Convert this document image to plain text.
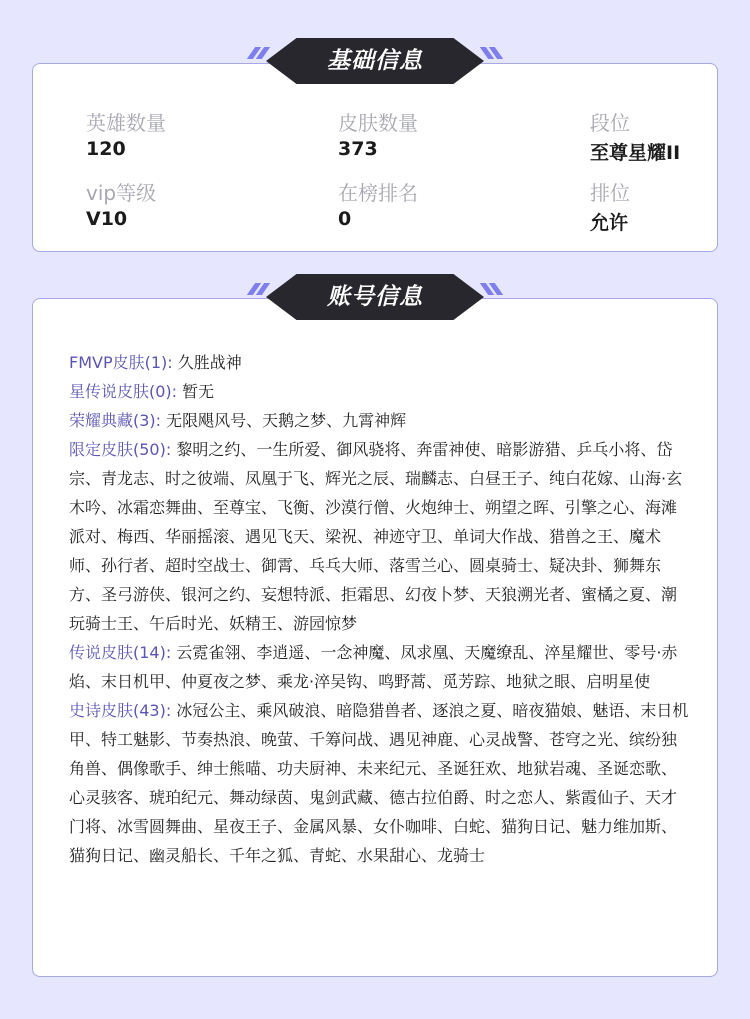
英雄数量
120
皮肤数量
373
段位
至尊星耀II
vip等级
V10
在榜排名
0
排位
允许
基础信息
FMVP皮肤(1): 久胜战神
星传说皮肤(0): 暂无
荣耀典藏(3): 无限飓风号、天鹅之梦、九霄神辉
限定皮肤(50): 黎明之约、一生所爱、御风骁将、奔雷神使、暗影游猎、乒乓小将、岱宗、青龙志、时之彼端、凤凰于飞、辉光之辰、瑞麟志、白昼王子、纯白花嫁、山海·玄木吟、冰霜恋舞曲、至尊宝、飞衡、沙漠行僧、火炮绅士、朔望之晖、引擎之心、海滩派对、梅西、华丽摇滚、遇见飞天、梁祝、神迹守卫、单词大作战、猎兽之王、魔术师、孙行者、超时空战士、御霄、乓乓大师、落雪兰心、圆桌骑士、疑决卦、狮舞东方、圣弓游侠、银河之约、妄想特派、拒霜思、幻夜卜梦、天狼溯光者、蜜橘之夏、潮玩骑士王、午后时光、妖精王、游园惊梦
传说皮肤(14): 云霓雀翎、李逍遥、一念神魔、凤求凰、天魔缭乱、淬星耀世、零号·赤焰、末日机甲、仲夏夜之梦、乘龙·淬吴钩、鸣野蒿、觅芳踪、地狱之眼、启明星使
史诗皮肤(43): 冰冠公主、乘风破浪、暗隐猎兽者、逐浪之夏、暗夜猫娘、魅语、末日机甲、特工魅影、节奏热浪、晚萤、千筹问战、遇见神鹿、心灵战警、苍穹之光、缤纷独角兽、偶像歌手、绅士熊喵、功夫厨神、未来纪元、圣诞狂欢、地狱岩魂、圣诞恋歌、心灵骇客、琥珀纪元、舞动绿茵、鬼剑武藏、德古拉伯爵、时之恋人、紫霞仙子、天才门将、冰雪圆舞曲、星夜王子、金属风暴、女仆咖啡、白蛇、猫狗日记、魅力维加斯、猫狗日记、幽灵船长、千年之狐、青蛇、水果甜心、龙骑士
账号信息
